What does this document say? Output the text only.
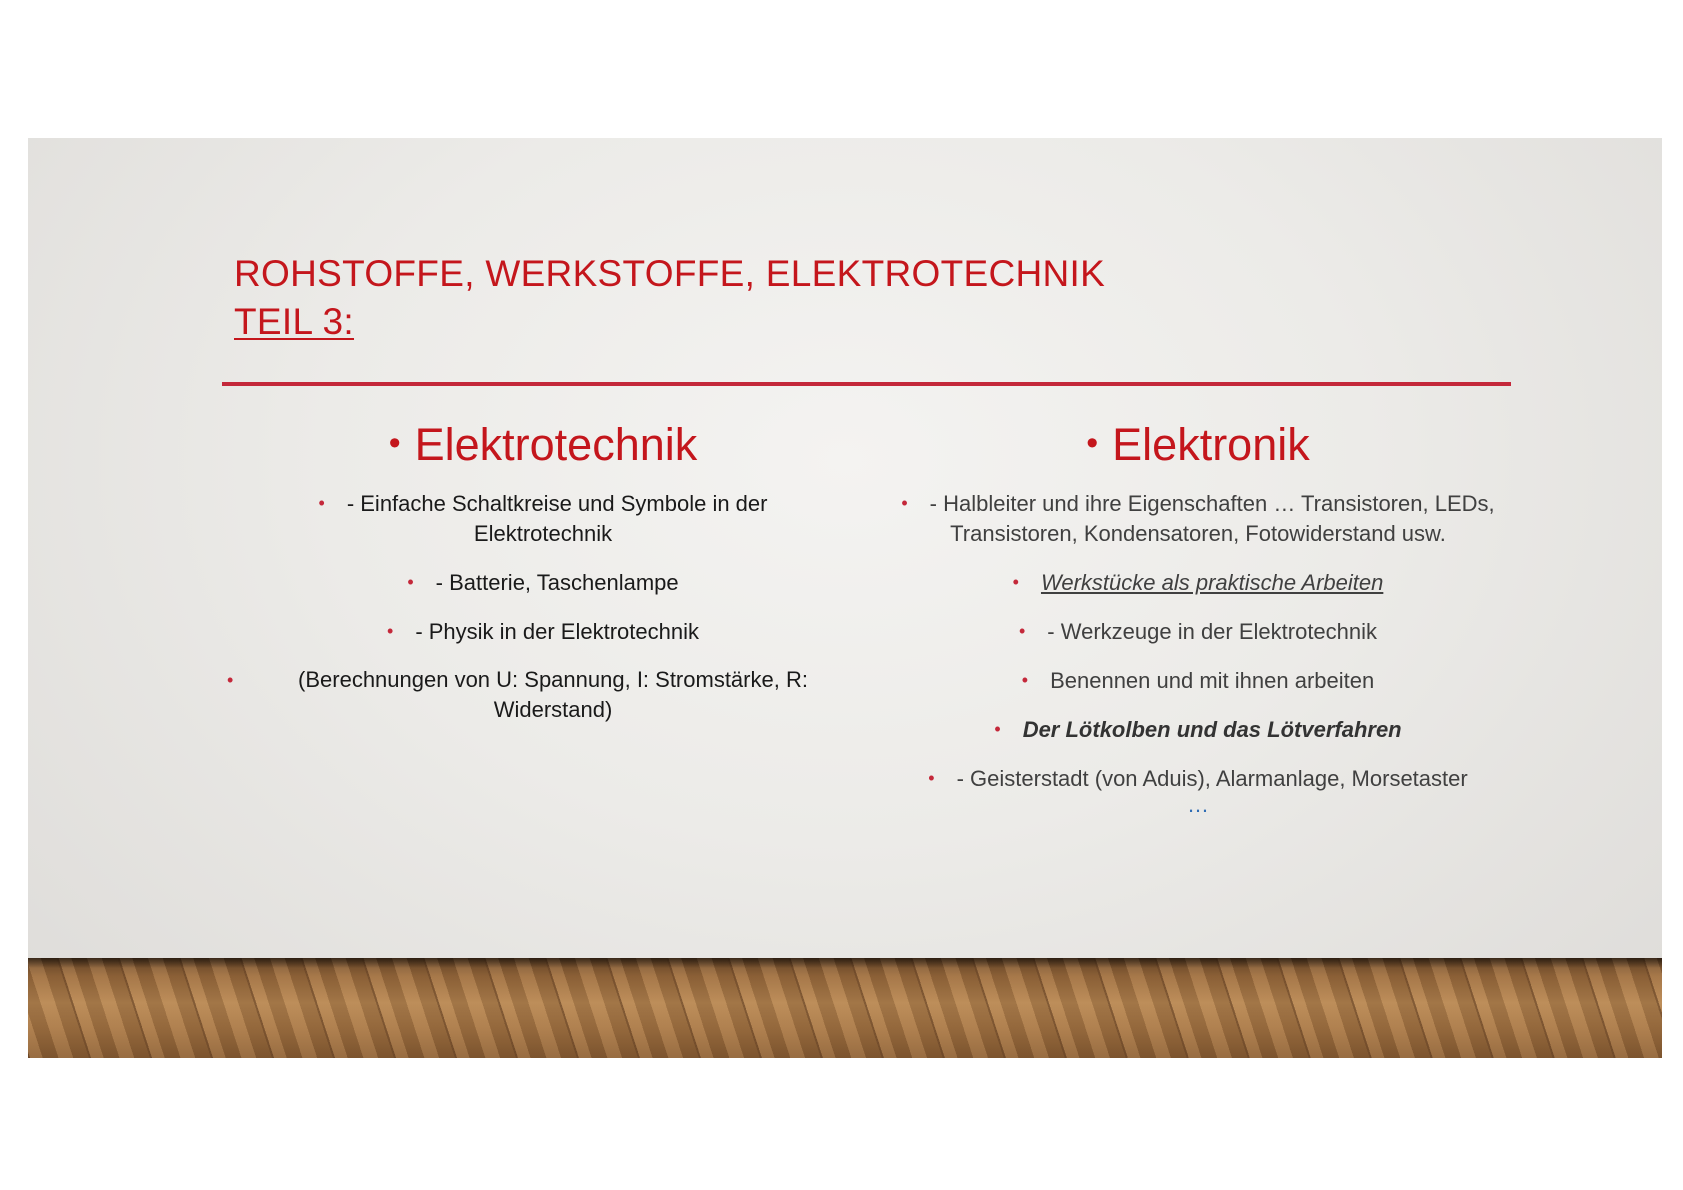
ROHSTOFFE, WERKSTOFFE, ELEKTROTECHNIK
TEIL 3:
• Elektrotechnik
• - Einfache Schaltkreise und Symbole in der Elektrotechnik
• - Batterie, Taschenlampe
• - Physik in der Elektrotechnik
•	(Berechnungen von U: Spannung, I: Stromstärke, R: Widerstand)
• Elektronik
• - Halbleiter und ihre Eigenschaften … Transistoren, LEDs, Transistoren, Kondensatoren, Fotowiderstand usw.
• Werkstücke als praktische Arbeiten
• - Werkzeuge in der Elektrotechnik
• Benennen und mit ihnen arbeiten
• Der Lötkolben und das Lötverfahren
• - Geisterstadt (von Aduis), Alarmanlage, Morsetaster
…
